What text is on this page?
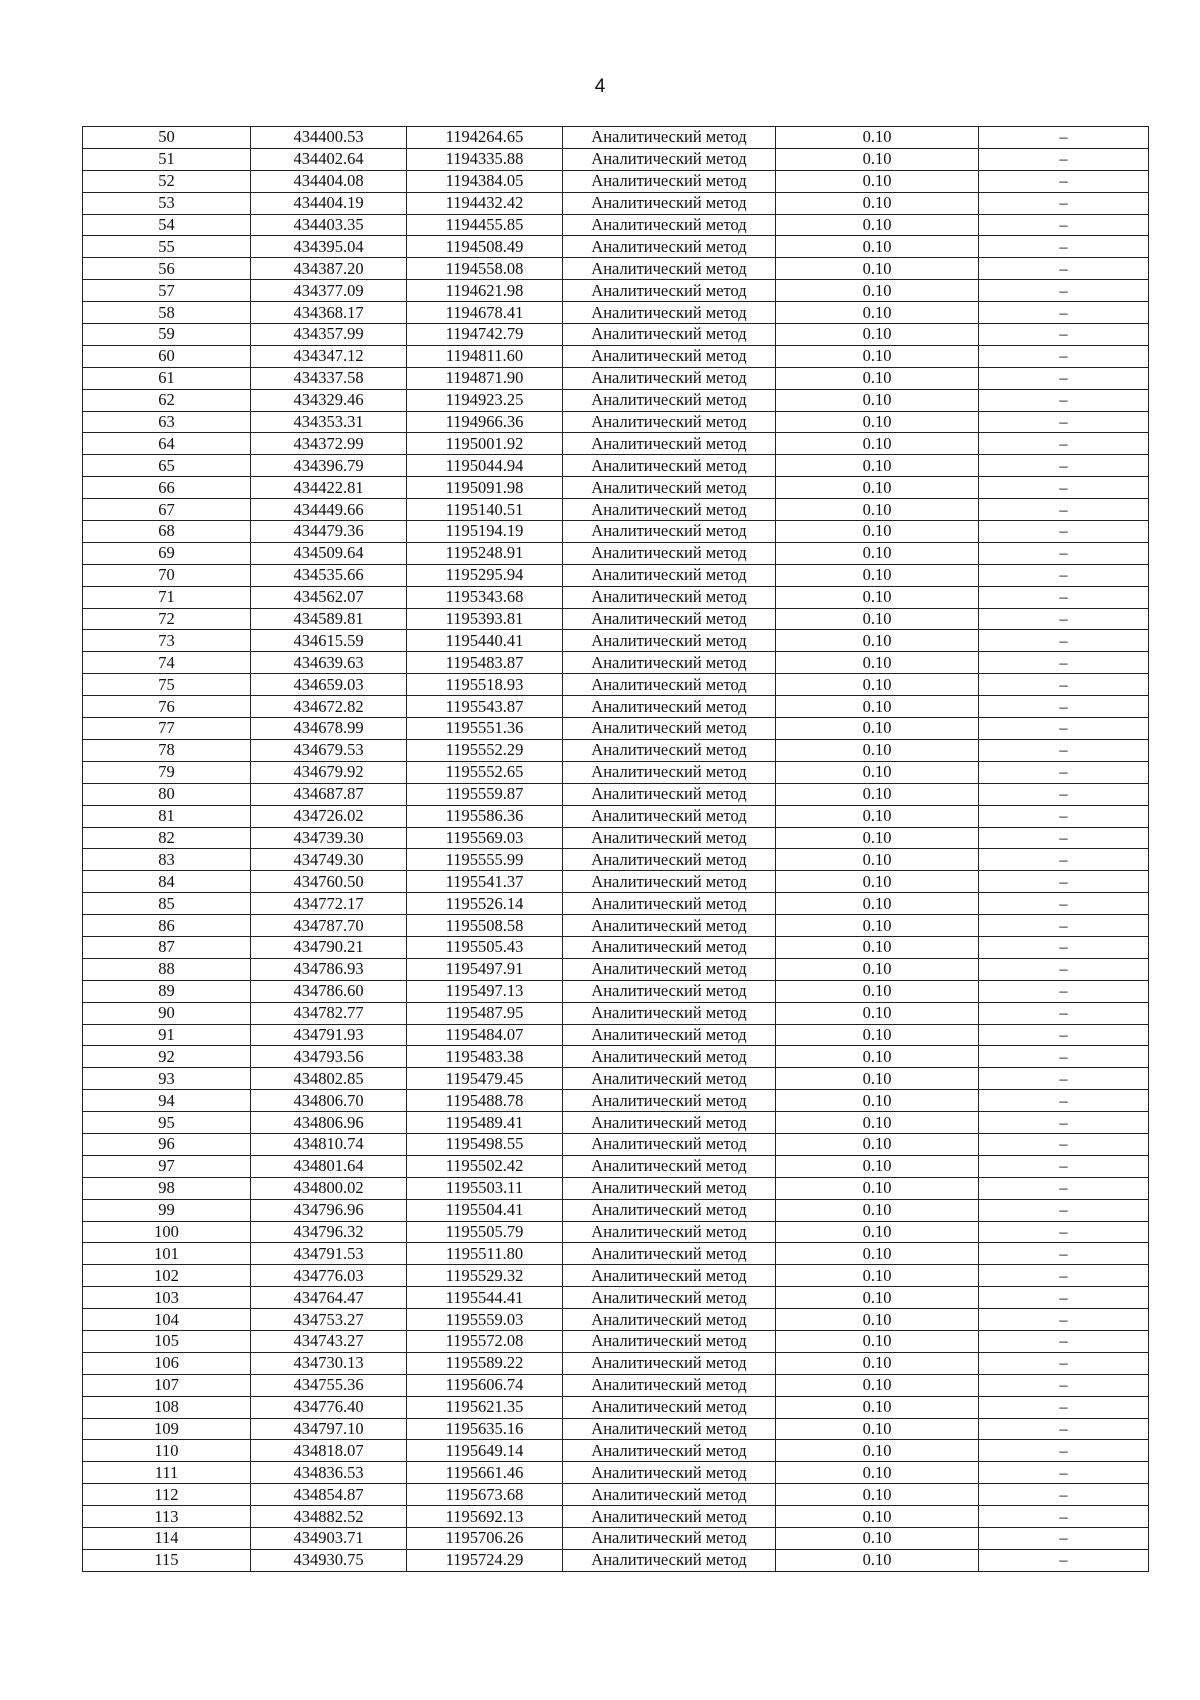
4
50	434400.53	1194264.65	Аналитический метод	0.10	–
51	434402.64	1194335.88	Аналитический метод	0.10	–
52	434404.08	1194384.05	Аналитический метод	0.10	–
53	434404.19	1194432.42	Аналитический метод	0.10	–
54	434403.35	1194455.85	Аналитический метод	0.10	–
55	434395.04	1194508.49	Аналитический метод	0.10	–
56	434387.20	1194558.08	Аналитический метод	0.10	–
57	434377.09	1194621.98	Аналитический метод	0.10	–
58	434368.17	1194678.41	Аналитический метод	0.10	–
59	434357.99	1194742.79	Аналитический метод	0.10	–
60	434347.12	1194811.60	Аналитический метод	0.10	–
61	434337.58	1194871.90	Аналитический метод	0.10	–
62	434329.46	1194923.25	Аналитический метод	0.10	–
63	434353.31	1194966.36	Аналитический метод	0.10	–
64	434372.99	1195001.92	Аналитический метод	0.10	–
65	434396.79	1195044.94	Аналитический метод	0.10	–
66	434422.81	1195091.98	Аналитический метод	0.10	–
67	434449.66	1195140.51	Аналитический метод	0.10	–
68	434479.36	1195194.19	Аналитический метод	0.10	–
69	434509.64	1195248.91	Аналитический метод	0.10	–
70	434535.66	1195295.94	Аналитический метод	0.10	–
71	434562.07	1195343.68	Аналитический метод	0.10	–
72	434589.81	1195393.81	Аналитический метод	0.10	–
73	434615.59	1195440.41	Аналитический метод	0.10	–
74	434639.63	1195483.87	Аналитический метод	0.10	–
75	434659.03	1195518.93	Аналитический метод	0.10	–
76	434672.82	1195543.87	Аналитический метод	0.10	–
77	434678.99	1195551.36	Аналитический метод	0.10	–
78	434679.53	1195552.29	Аналитический метод	0.10	–
79	434679.92	1195552.65	Аналитический метод	0.10	–
80	434687.87	1195559.87	Аналитический метод	0.10	–
81	434726.02	1195586.36	Аналитический метод	0.10	–
82	434739.30	1195569.03	Аналитический метод	0.10	–
83	434749.30	1195555.99	Аналитический метод	0.10	–
84	434760.50	1195541.37	Аналитический метод	0.10	–
85	434772.17	1195526.14	Аналитический метод	0.10	–
86	434787.70	1195508.58	Аналитический метод	0.10	–
87	434790.21	1195505.43	Аналитический метод	0.10	–
88	434786.93	1195497.91	Аналитический метод	0.10	–
89	434786.60	1195497.13	Аналитический метод	0.10	–
90	434782.77	1195487.95	Аналитический метод	0.10	–
91	434791.93	1195484.07	Аналитический метод	0.10	–
92	434793.56	1195483.38	Аналитический метод	0.10	–
93	434802.85	1195479.45	Аналитический метод	0.10	–
94	434806.70	1195488.78	Аналитический метод	0.10	–
95	434806.96	1195489.41	Аналитический метод	0.10	–
96	434810.74	1195498.55	Аналитический метод	0.10	–
97	434801.64	1195502.42	Аналитический метод	0.10	–
98	434800.02	1195503.11	Аналитический метод	0.10	–
99	434796.96	1195504.41	Аналитический метод	0.10	–
100	434796.32	1195505.79	Аналитический метод	0.10	–
101	434791.53	1195511.80	Аналитический метод	0.10	–
102	434776.03	1195529.32	Аналитический метод	0.10	–
103	434764.47	1195544.41	Аналитический метод	0.10	–
104	434753.27	1195559.03	Аналитический метод	0.10	–
105	434743.27	1195572.08	Аналитический метод	0.10	–
106	434730.13	1195589.22	Аналитический метод	0.10	–
107	434755.36	1195606.74	Аналитический метод	0.10	–
108	434776.40	1195621.35	Аналитический метод	0.10	–
109	434797.10	1195635.16	Аналитический метод	0.10	–
110	434818.07	1195649.14	Аналитический метод	0.10	–
111	434836.53	1195661.46	Аналитический метод	0.10	–
112	434854.87	1195673.68	Аналитический метод	0.10	–
113	434882.52	1195692.13	Аналитический метод	0.10	–
114	434903.71	1195706.26	Аналитический метод	0.10	–
115	434930.75	1195724.29	Аналитический метод	0.10	–
